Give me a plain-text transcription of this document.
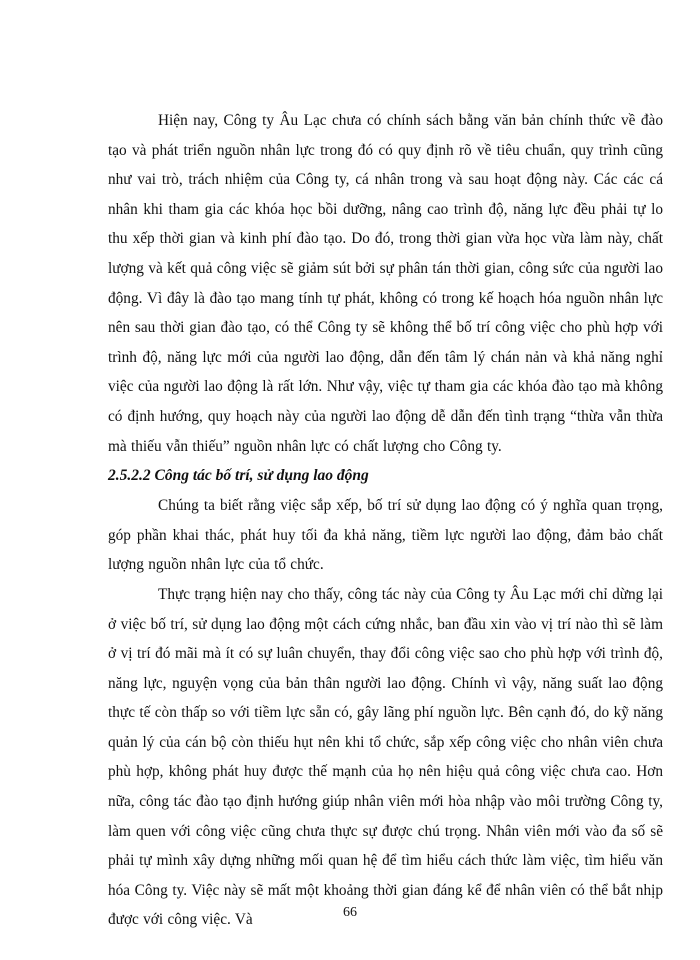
Hiện nay, Công ty Âu Lạc chưa có chính sách bằng văn bản chính thức về đào tạo và phát triển nguồn nhân lực trong đó có quy định rõ về tiêu chuẩn, quy trình cũng như vai trò, trách nhiệm của Công ty, cá nhân trong và sau hoạt động này. Các các cá nhân khi tham gia các khóa học bồi dưỡng, nâng cao trình độ, năng lực đều phải tự lo thu xếp thời gian và kinh phí đào tạo. Do đó, trong thời gian vừa học vừa làm này, chất lượng và kết quả công việc sẽ giảm sút bởi sự phân tán thời gian, công sức của người lao động. Vì đây là đào tạo mang tính tự phát, không có trong kế hoạch hóa nguồn nhân lực nên sau thời gian đào tạo, có thể Công ty sẽ không thể bố trí công việc cho phù hợp với trình độ, năng lực mới của người lao động, dẫn đến tâm lý chán nản và khả năng nghỉ việc của người lao động là rất lớn. Như vậy, việc tự tham gia các khóa đào tạo mà không có định hướng, quy hoạch này của người lao động dễ dẫn đến tình trạng “thừa vẫn thừa mà thiếu vẫn thiếu” nguồn nhân lực có chất lượng cho Công ty.

2.5.2.2 Công tác bố trí, sử dụng lao động

Chúng ta biết rằng việc sắp xếp, bố trí sử dụng lao động có ý nghĩa quan trọng, góp phần khai thác, phát huy tối đa khả năng, tiềm lực người lao động, đảm bảo chất lượng nguồn nhân lực của tổ chức.

Thực trạng hiện nay cho thấy, công tác này của Công ty Âu Lạc mới chỉ dừng lại ở việc bố trí, sử dụng lao động một cách cứng nhắc, ban đầu xin vào vị trí nào thì sẽ làm ở vị trí đó mãi mà ít có sự luân chuyển, thay đổi công việc sao cho phù hợp với trình độ, năng lực, nguyện vọng của bản thân người lao động. Chính vì vậy, năng suất lao động thực tế còn thấp so với tiềm lực sẵn có, gây lãng phí nguồn lực. Bên cạnh đó, do kỹ năng quản lý của cán bộ còn thiếu hụt nên khi tổ chức, sắp xếp công việc cho nhân viên chưa phù hợp, không phát huy được thế mạnh của họ nên hiệu quả công việc chưa cao. Hơn nữa, công tác đào tạo định hướng giúp nhân viên mới hòa nhập vào môi trường Công ty, làm quen với công việc cũng chưa thực sự được chú trọng. Nhân viên mới vào đa số sẽ phải tự mình xây dựng những mối quan hệ để tìm hiểu cách thức làm việc, tìm hiểu văn hóa Công ty. Việc này sẽ mất một khoảng thời gian đáng kể để nhân viên có thể bắt nhịp được với công việc. Và	66
